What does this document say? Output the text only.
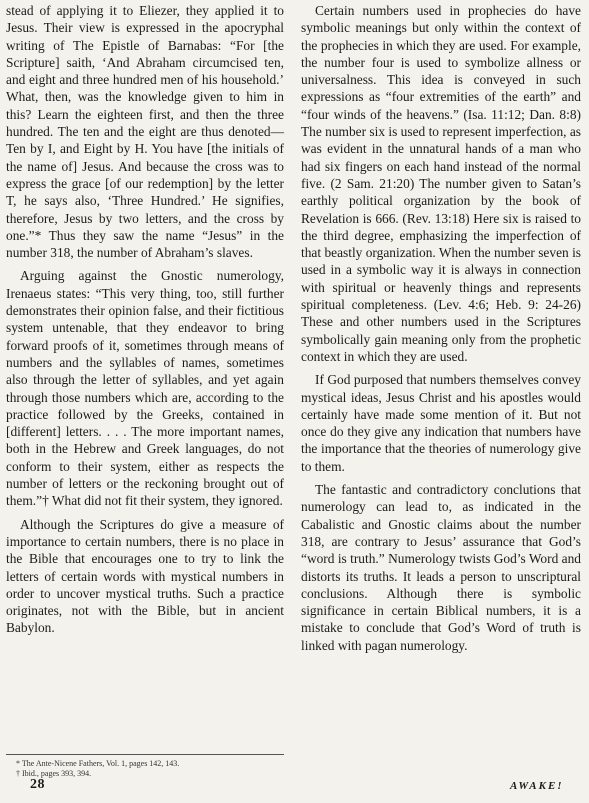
stead of applying it to Eliezer, they applied it to Jesus. Their view is expressed in the apocryphal writing of The Epistle of Barnabas: “For [the Scripture] saith, ‘And Abraham circumcised ten, and eight and three hundred men of his household.’ What, then, was the knowledge given to him in this? Learn the eighteen first, and then the three hundred. The ten and the eight are thus denoted—Ten by I, and Eight by H. You have [the initials of the name of] Jesus. And because the cross was to express the grace [of our redemption] by the letter T, he says also, ‘Three Hundred.’ He signifies, therefore, Jesus by two letters, and the cross by one.”* Thus they saw the name “Jesus” in the number 318, the number of Abraham’s slaves.

Arguing against the Gnostic numerology, Irenaeus states: “This very thing, too, still further demonstrates their opinion false, and their fictitious system untenable, that they endeavor to bring forward proofs of it, sometimes through means of numbers and the syllables of names, sometimes also through the letter of syllables, and yet again through those numbers which are, according to the practice followed by the Greeks, contained in [different] letters. . . . The more important names, both in the Hebrew and Greek languages, do not conform to their system, either as respects the number of letters or the reckoning brought out of them.”† What did not fit their system, they ignored.

Although the Scriptures do give a measure of importance to certain numbers, there is no place in the Bible that encourages one to try to link the letters of certain words with mystical numbers in order to uncover mystical truths. Such a practice originates, not with the Bible, but in ancient Babylon.

Certain numbers used in prophecies do have symbolic meanings but only within the context of the prophecies in which they are used. For example, the number four is used to symbolize allness or universalness. This idea is conveyed in such expressions as “four extremities of the earth” and “four winds of the heavens.” (Isa. 11:12; Dan. 8:8) The number six is used to represent imperfection, as was evident in the unnatural hands of a man who had six fingers on each hand instead of the normal five. (2 Sam. 21:20) The number given to Satan’s earthly political organization by the book of Revelation is 666. (Rev. 13:18) Here six is raised to the third degree, emphasizing the imperfection of that beastly organization. When the number seven is used in a symbolic way it is always in connection with spiritual or heavenly things and represents spiritual completeness. (Lev. 4:6; Heb. 9: 24-26) These and other numbers used in the Scriptures symbolically gain meaning only from the prophetic context in which they are used.

If God purposed that numbers themselves convey mystical ideas, Jesus Christ and his apostles would certainly have made some mention of it. But not once do they give any indication that numbers have the importance that the theories of numerology give to them.

The fantastic and contradictory conclutions that numerology can lead to, as indicated in the Cabalistic and Gnostic claims about the number 318, are contrary to Jesus’ assurance that God’s “word is truth.” Numerology twists God’s Word and distorts its truths. It leads a person to unscriptural conclusions. Although there is symbolic significance in certain Biblical numbers, it is a mistake to conclude that God’s Word of truth is linked with pagan numerology.

* The Ante-Nicene Fathers, Vol. 1, pages 142, 143.
† Ibid., pages 393, 394.
28	AWAKE!
